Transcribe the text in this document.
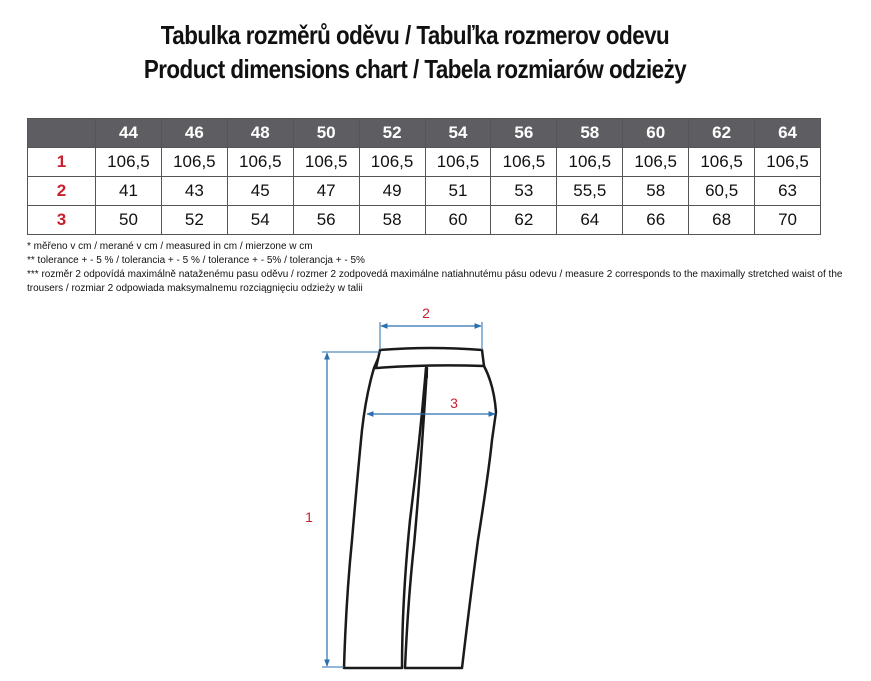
Tabulka rozměrů oděvu / Tabuľka rozmerov odevu
Product dimensions chart / Tabela rozmiarów odzieży
	44	46	48	50	52	54	56	58	60	62	64
1	106,5	106,5	106,5	106,5	106,5	106,5	106,5	106,5	106,5	106,5	106,5
2	41	43	45	47	49	51	53	55,5	58	60,5	63
3	50	52	54	56	58	60	62	64	66	68	70
* měřeno v cm / merané v cm / measured in cm / mierzone w cm
** tolerance + - 5 % / tolerancia + - 5 % / tolerance + - 5% / tolerancja + - 5%
*** rozměr 2 odpovídá maximálně nataženému pasu oděvu / rozmer 2 zodpovedá maximálne natiahnutému pásu odevu / measure 2 corresponds to the maximally stretched waist of the trousers / rozmiar 2 odpowiada maksymalnemu rozciągnięciu odzieży w talii
2
3
1
